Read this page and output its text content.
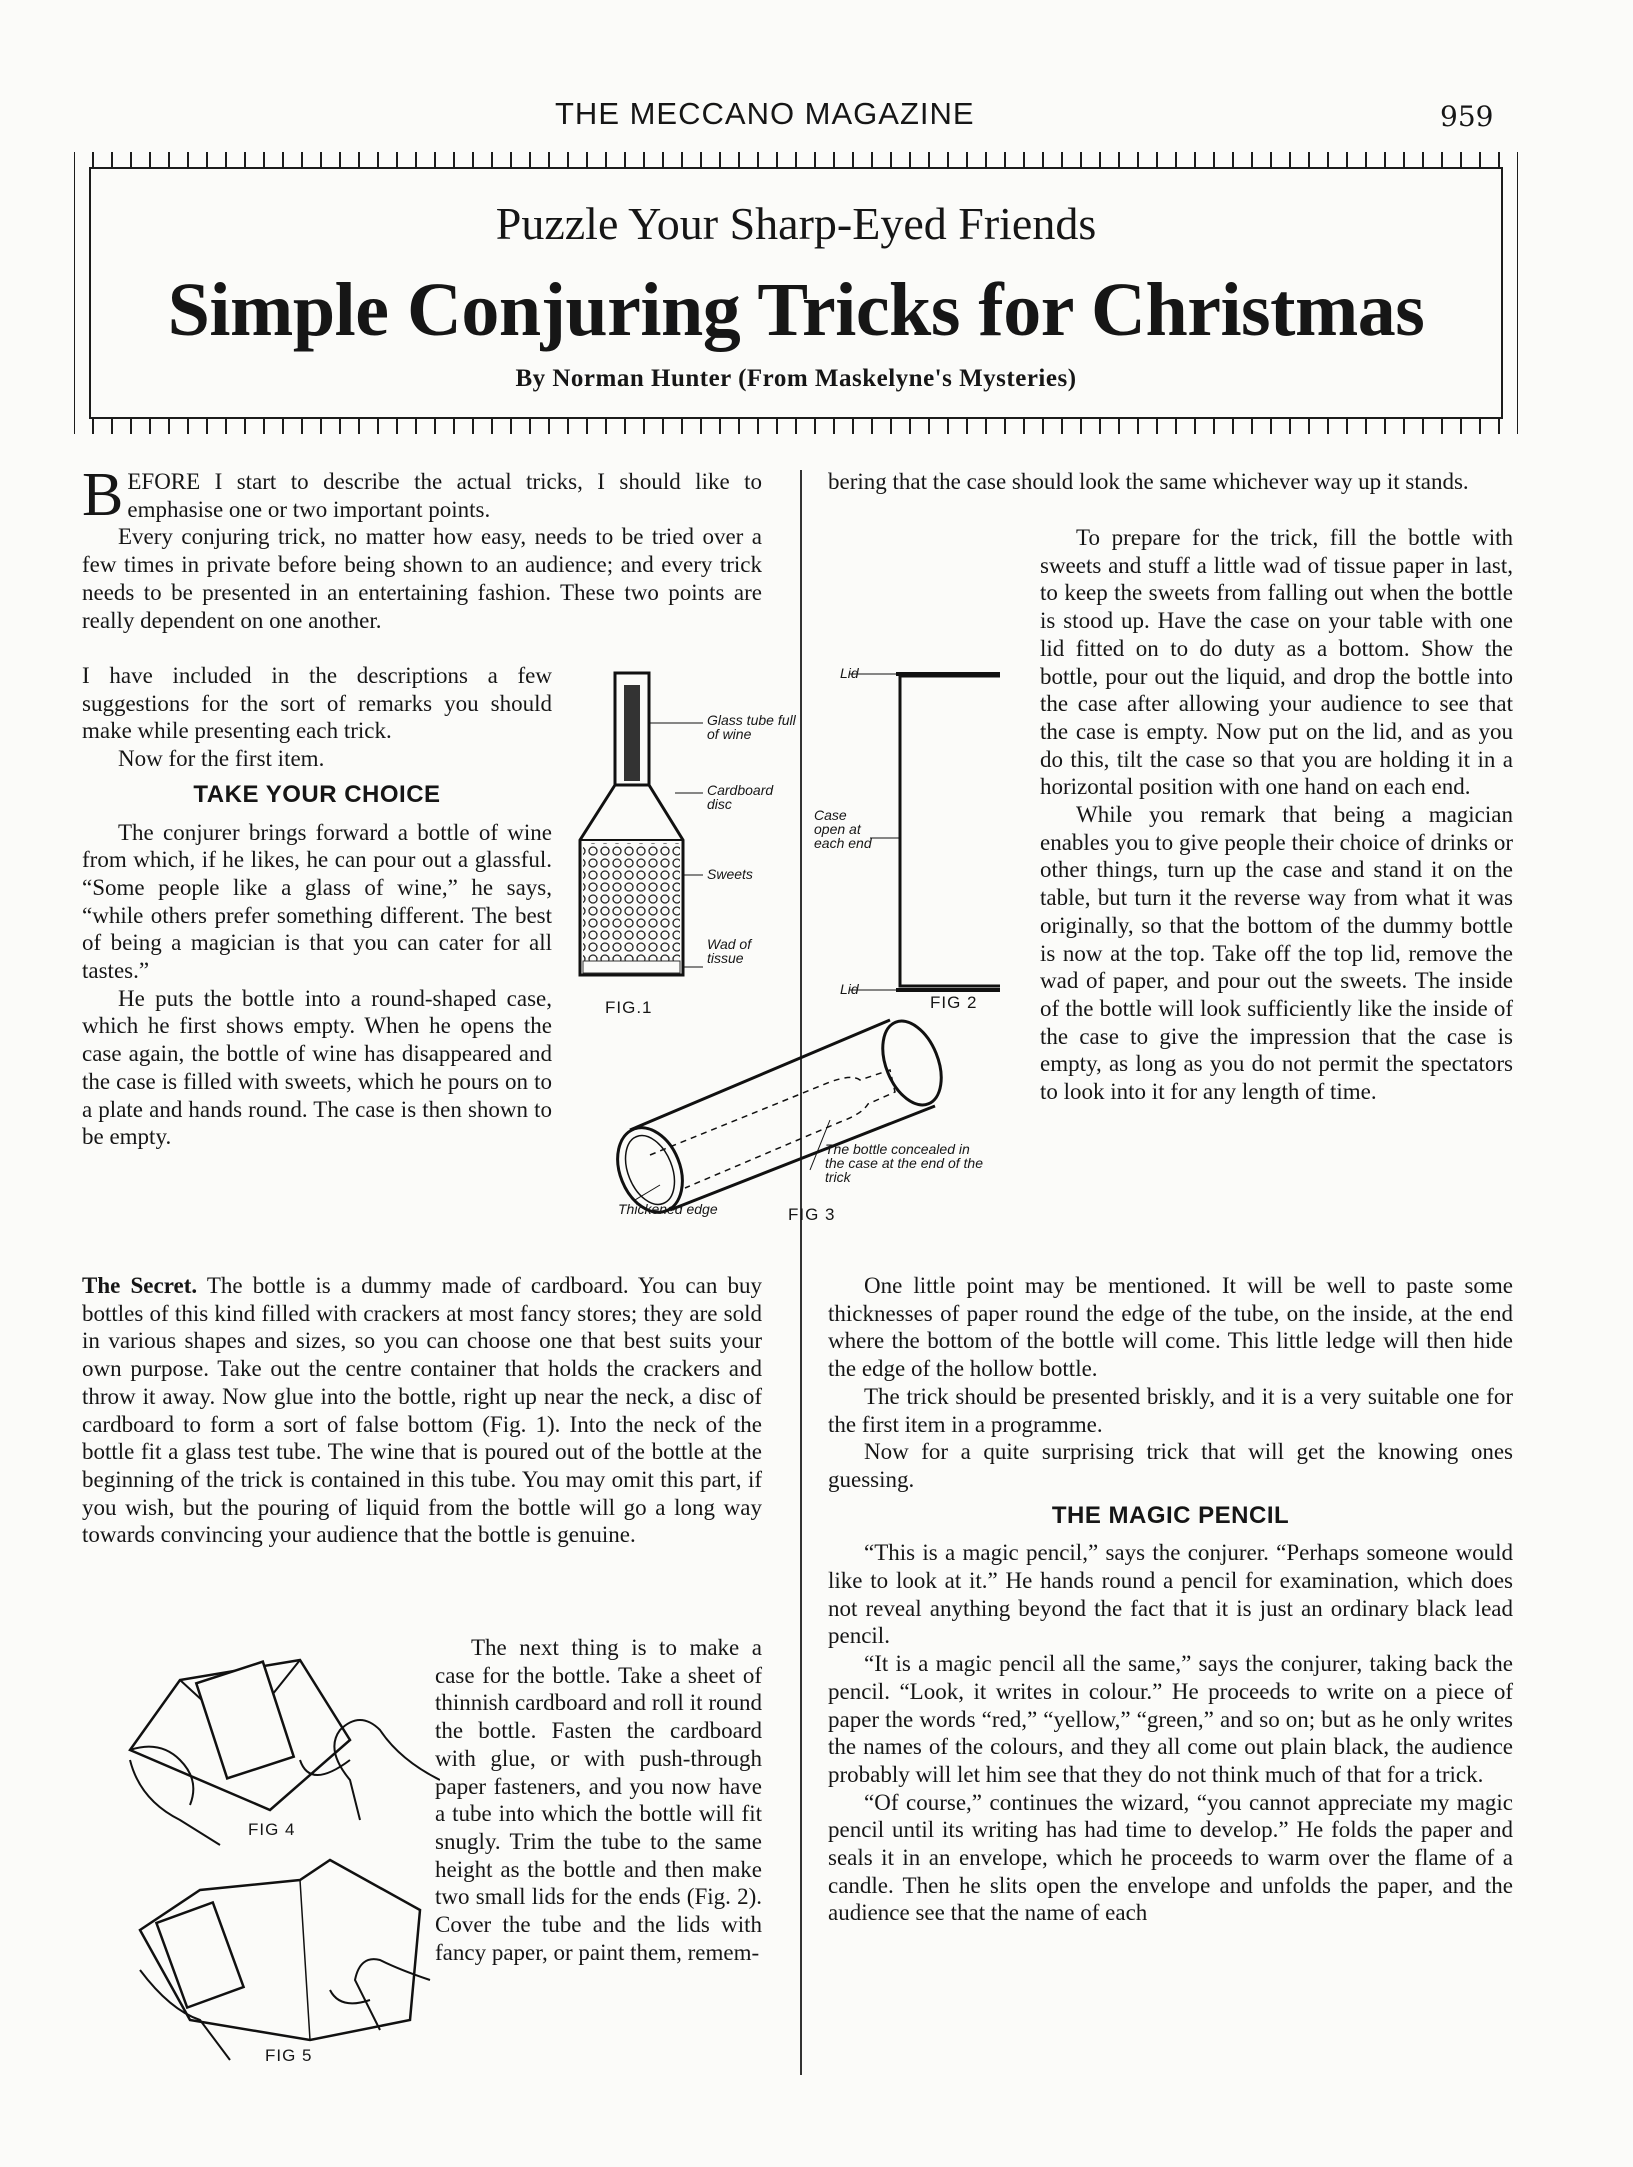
THE MECCANO MAGAZINE	959
Puzzle Your Sharp-Eyed Friends
Simple Conjuring Tricks for Christmas
By Norman Hunter (From Maskelyne's Mysteries)

BEFORE I start to describe the actual tricks, I should like to emphasise one or two important points.

Every conjuring trick, no matter how easy, needs to be tried over a few times in private before being shown to an audience; and every trick needs to be presented in an entertaining fashion. These two points are really dependent on one another.

I have included in the descriptions a few suggestions for the sort of remarks you should make while presenting each trick.

Now for the first item.

TAKE YOUR CHOICE

The conjurer brings forward a bottle of wine from which, if he likes, he can pour out a glassful. “Some people like a glass of wine,” he says, “while others prefer something different. The best of being a magician is that you can cater for all tastes.”

He puts the bottle into a round-shaped case, which he first shows empty. When he opens the case again, the bottle of wine has disappeared and the case is filled with sweets, which he pours on to a plate and hands round. The case is then shown to be empty.

The Secret. The bottle is a dummy made of cardboard. You can buy bottles of this kind filled with crackers at most fancy stores; they are sold in various shapes and sizes, so you can choose one that best suits your own purpose. Take out the centre container that holds the crackers and throw it away. Now glue into the bottle, right up near the neck, a disc of cardboard to form a sort of false bottom (Fig. 1). Into the neck of the bottle fit a glass test tube. The wine that is poured out of the bottle at the beginning of the trick is contained in this tube. You may omit this part, if you wish, but the pouring of liquid from the bottle will go a long way towards convincing your audience that the bottle is genuine.

The next thing is to make a case for the bottle. Take a sheet of thinnish cardboard and roll it round the bottle. Fasten the cardboard with glue, or with push-through paper fasteners, and you now have a tube into which the bottle will fit snugly. Trim the tube to the same height as the bottle and then make two small lids for the ends (Fig. 2). Cover the tube and the lids with fancy paper, or paint them, remem-

bering that the case should look the same whichever way up it stands.

To prepare for the trick, fill the bottle with sweets and stuff a little wad of tissue paper in last, to keep the sweets from falling out when the bottle is stood up. Have the case on your table with one lid fitted on to do duty as a bottom. Show the bottle, pour out the liquid, and drop the bottle into the case after allowing your audience to see that the case is empty. Now put on the lid, and as you do this, tilt the case so that you are holding it in a horizontal position with one hand on each end.

While you remark that being a magician enables you to give people their choice of drinks or other things, turn up the case and stand it on the table, but turn it the reverse way from what it was originally, so that the bottom of the dummy bottle is now at the top. Take off the top lid, remove the wad of paper, and pour out the sweets. The inside of the bottle will look sufficiently like the inside of the case to give the impression that the case is empty, as long as you do not permit the spectators to look into it for any length of time.

One little point may be mentioned. It will be well to paste some thicknesses of paper round the edge of the tube, on the inside, at the end where the bottom of the bottle will come. This little ledge will then hide the edge of the hollow bottle.

The trick should be presented briskly, and it is a very suitable one for the first item in a programme.

Now for a quite surprising trick that will get the knowing ones guessing.

THE MAGIC PENCIL

“This is a magic pencil,” says the conjurer. “Perhaps someone would like to look at it.” He hands round a pencil for examination, which does not reveal anything beyond the fact that it is just an ordinary black lead pencil.

“It is a magic pencil all the same,” says the conjurer, taking back the pencil. “Look, it writes in colour.” He proceeds to write on a piece of paper the words “red,” “yellow,” “green,” and so on; but as he only writes the names of the colours, and they all come out plain black, the audience probably will let him see that they do not think much of that for a trick.

“Of course,” continues the wizard, “you cannot appreciate my magic pencil until its writing has had time to develop.” He folds the paper and seals it in an envelope, which he proceeds to warm over the flame of a candle. Then he slits open the envelope and unfolds the paper, and the audience see that the name of each

Glass tube full of wine
Cardboard disc
Sweets
Wad of tissue
FIG.1
Lid
Case open at each end
Lid
FIG 2
The bottle concealed in the case at the end of the trick
Thickened edge	FIG 3
FIG 4
FIG 5
